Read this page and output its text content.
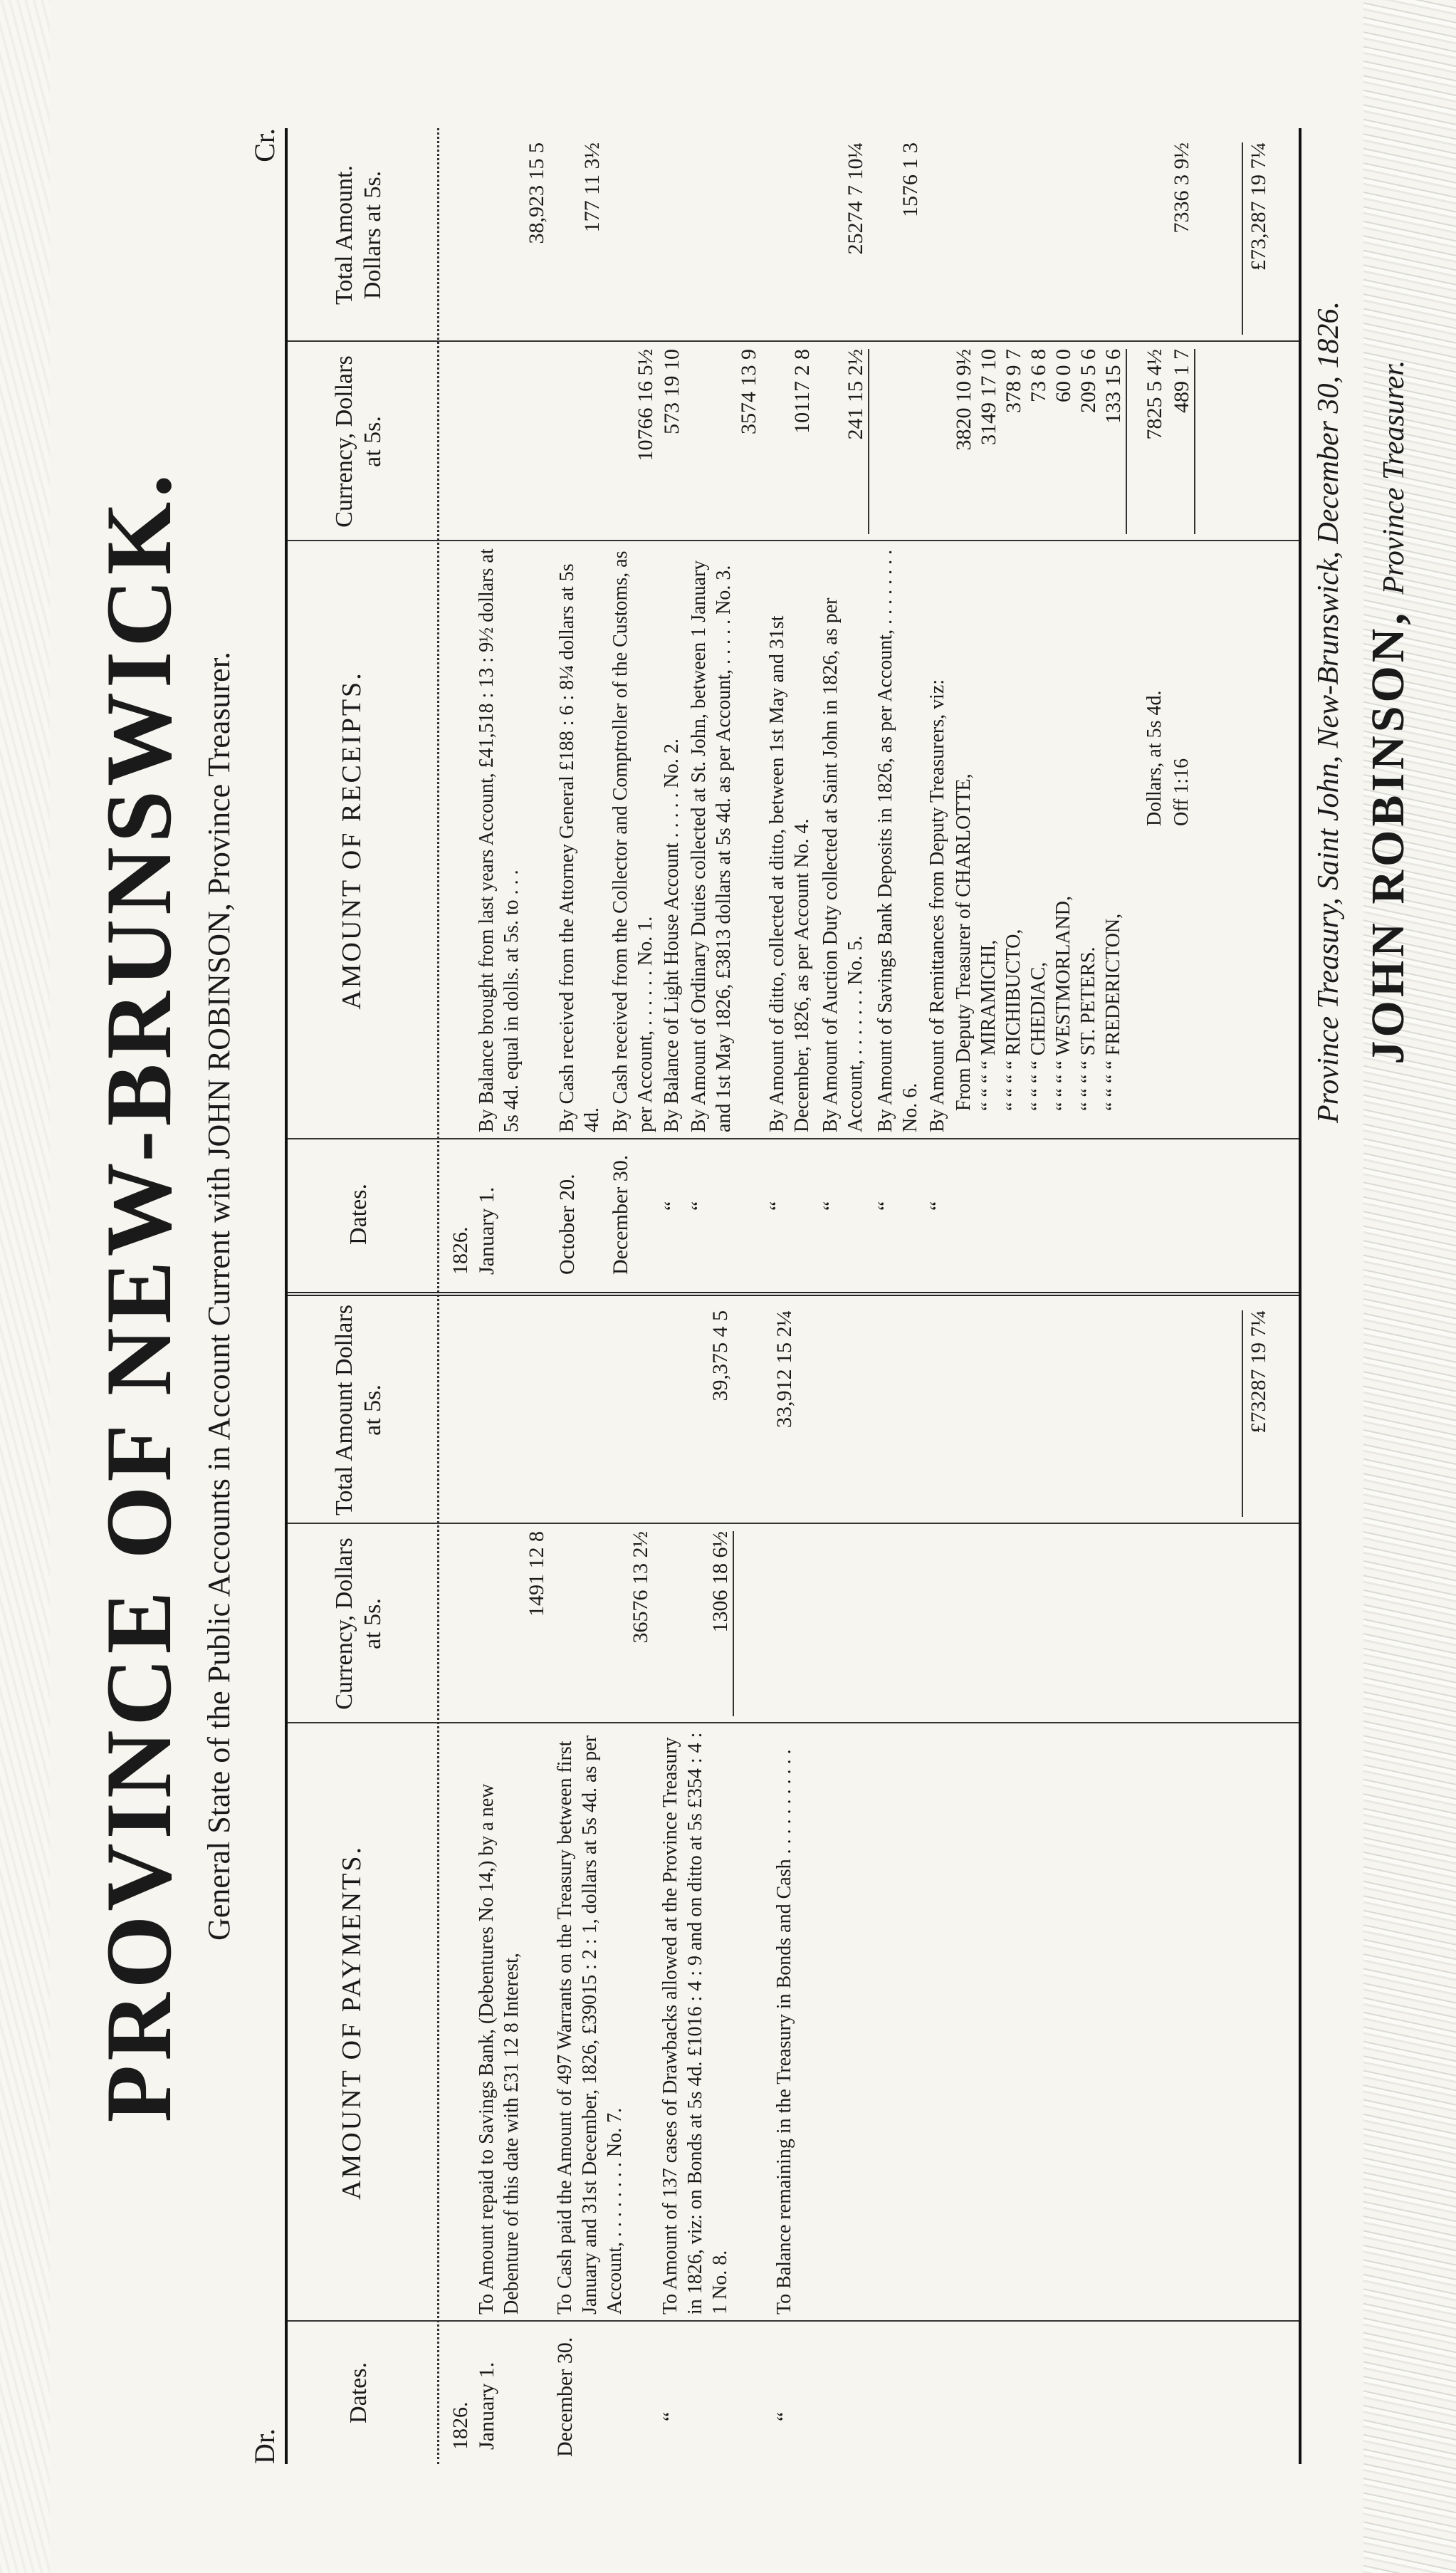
PROVINCE OF NEW-BRUNSWICK. General State of the Public Accounts in Account Current with JOHN ROBINSON, Province Treasurer.
Dr.
Cr.
Dates.
AMOUNT OF PAYMENTS.
Currency, Dollars at 5s.
Total Amount Dollars at 5s.
Dates.
AMOUNT OF RECEIPTS.
Currency, Dollars at 5s.
Total Amount. Dollars at 5s.
1826. January 1.
To Amount repaid to Savings Bank, (Debentures No 14,) by a new Debenture of this date with £31 12 8 Interest,
1491 12 8
December 30.
To Cash paid the Amount of 497 Warrants on the Treasury between first January and 31st December, 1826, £39015 : 2 : 1, dollars at 5s 4d. as per Account, . . . . . . . . No. 7.
36576 13 2½
“
To Amount of 137 cases of Drawbacks allowed at the Province Treasury in 1826, viz: on Bonds at 5s 4d. £1016 : 4 : 9 and on ditto at 5s £354 : 4 : 1 No. 8.
1306 18 6½
39,375 4 5
“
To Balance remaining in the Treasury in Bonds and Cash . . . . . . . . . . .
33,912 15 2¼	£73287 19 7¼
1826. January 1.
By Balance brought from last years Account, £41,518 : 13 : 9½ dollars at 5s 4d. equal in dolls. at 5s. to . . .
38,923 15 5
October 20.
By Cash received from the Attorney General £188 : 6 : 8¼ dollars at 5s 4d.
177 11 3½
December 30.
By Cash received from the Collector and Comptroller of the Customs, as per Account, . . . . . . No. 1.
10766 16 5½
“
By Balance of Light House Account . . . . . No. 2.
573 19 10
“
By Amount of Ordinary Duties collected at St. John, between 1 January and 1st May 1826, £3813 dollars at 5s 4d. as per Account, . . . . . No. 3.
3574 13 9
“
By Amount of ditto, collected at ditto, between 1st May and 31st December, 1826, as per Account No. 4.
10117 2 8
“
By Amount of Auction Duty collected at Saint John in 1826, as per Account, . . . . . . . No. 5.
241 15 2½
25274 7 10¼
“
By Amount of Savings Bank Deposits in 1826, as per Account, . . . . . . . . No. 6.
1576 1 3
“
By Amount of Remittances from Deputy Treasurers, viz: From Deputy Treasurer of CHARLOTTE,
3820 10 9½
“ “ “ “ MIRAMICHI,
3149 17 10
“ “ “ “ RICHIBUCTO,
378 9 7
“ “ “ “ CHEDIAC,
73 6 8
“ “ “ “ WESTMORLAND,
60 0 0
“ “ “ “ ST. PETERS.
209 5 6
“ “ “ “ FREDERICTON,
133 15 6
Dollars, at 5s 4d.
7825 5 4½
Off 1:16
489 1 7
7336 3 9½	£73,287 19 7¼
Province Treasury, Saint John, New-Brunswick, December 30, 1826. JOHN ROBINSON, Province Treasurer.
